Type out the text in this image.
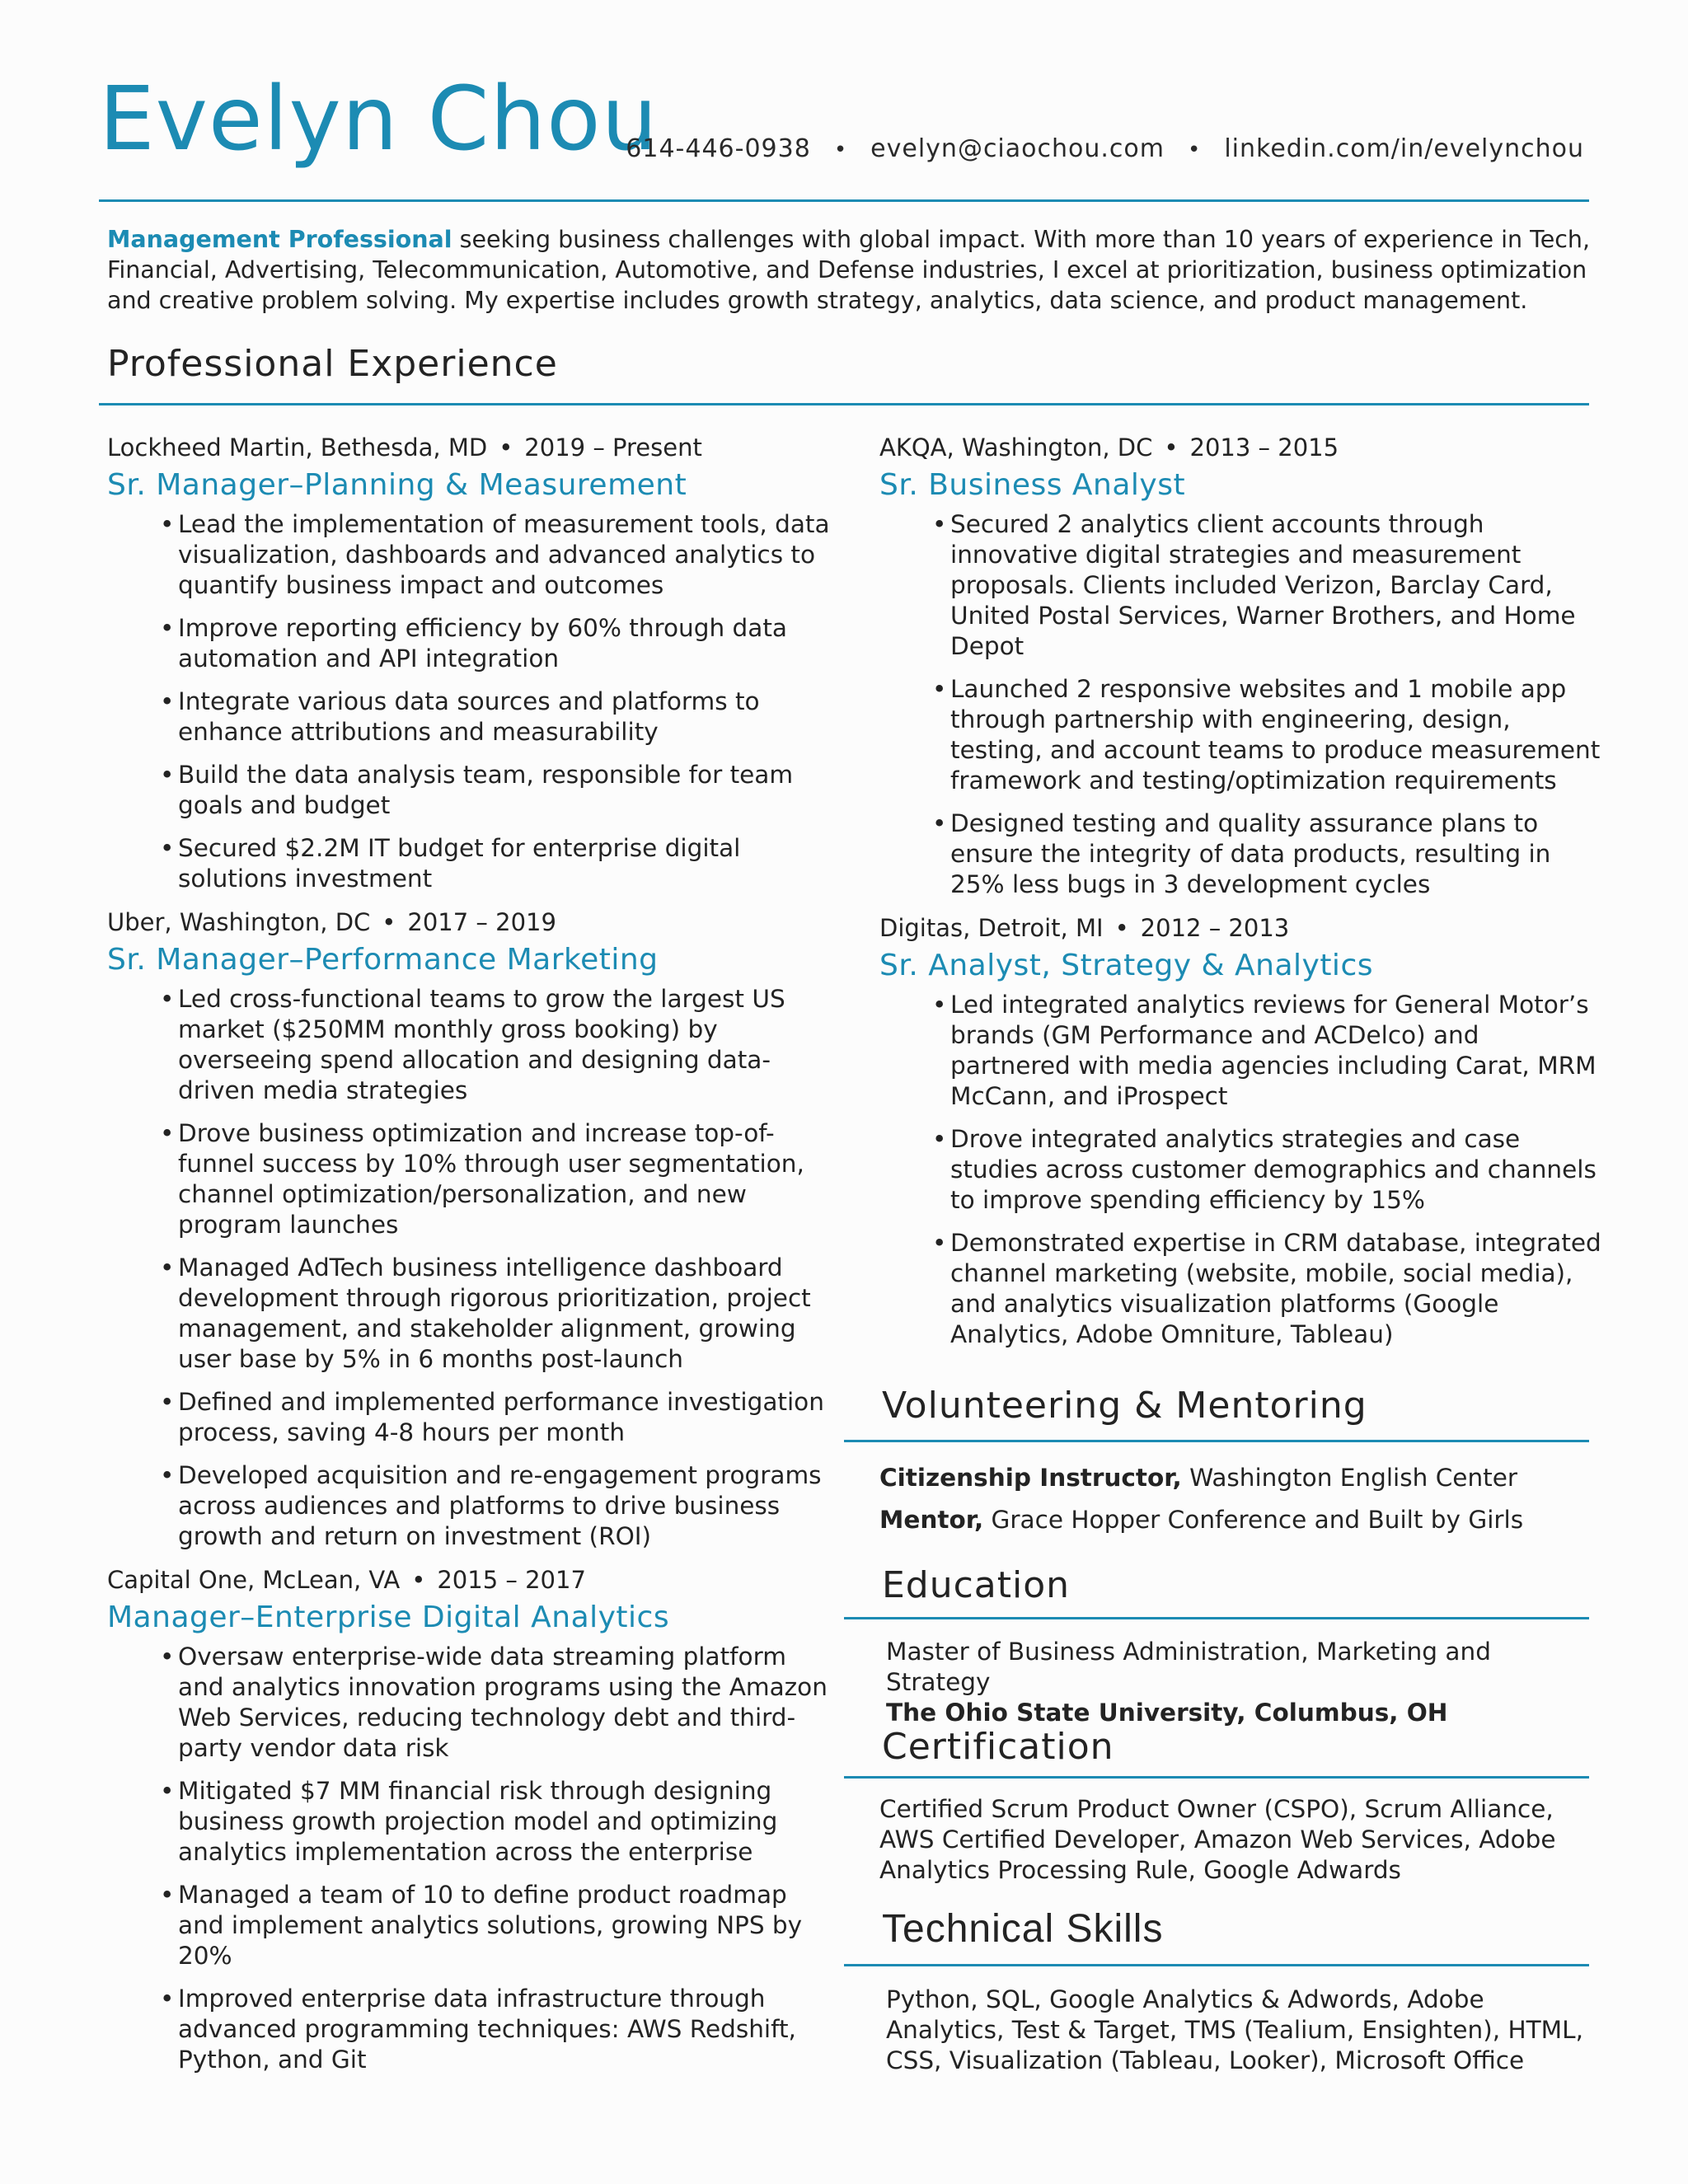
Evelyn Chou
614-446-0938 • evelyn@ciaochou.com • linkedin.com/in/evelynchou
Management Professional seeking business challenges with global impact. With more than 10 years of experience in Tech, Financial, Advertising, Telecommunication, Automotive, and Defense industries, I excel at prioritization, business optimization and creative problem solving. My expertise includes growth strategy, analytics, data science, and product management.
Professional Experience
Lockheed Martin, Bethesda, MD • 2019 – Present
Sr. Manager–Planning & Measurement
• Lead the implementation of measurement tools, data visualization, dashboards and advanced analytics to quantify business impact and outcomes
• Improve reporting efficiency by 60% through data automation and API integration
• Integrate various data sources and platforms to enhance attributions and measurability
• Build the data analysis team, responsible for team goals and budget
• Secured $2.2M IT budget for enterprise digital solutions investment
Uber, Washington, DC • 2017 – 2019
Sr. Manager–Performance Marketing
• Led cross-functional teams to grow the largest US market ($250MM monthly gross booking) by overseeing spend allocation and designing data-driven media strategies
• Drove business optimization and increase top-of-funnel success by 10% through user segmentation, channel optimization/personalization, and new program launches
• Managed AdTech business intelligence dashboard development through rigorous prioritization, project management, and stakeholder alignment, growing user base by 5% in 6 months post-launch
• Defined and implemented performance investigation process, saving 4-8 hours per month
• Developed acquisition and re-engagement programs across audiences and platforms to drive business growth and return on investment (ROI)
Capital One, McLean, VA • 2015 – 2017
Manager–Enterprise Digital Analytics
• Oversaw enterprise-wide data streaming platform and analytics innovation programs using the Amazon Web Services, reducing technology debt and third-party vendor data risk
• Mitigated $7 MM financial risk through designing business growth projection model and optimizing analytics implementation across the enterprise
• Managed a team of 10 to define product roadmap and implement analytics solutions, growing NPS by 20%
• Improved enterprise data infrastructure through advanced programming techniques: AWS Redshift, Python, and Git
AKQA, Washington, DC • 2013 – 2015
Sr. Business Analyst
• Secured 2 analytics client accounts through innovative digital strategies and measurement proposals. Clients included Verizon, Barclay Card, United Postal Services, Warner Brothers, and Home Depot
• Launched 2 responsive websites and 1 mobile app through partnership with engineering, design, testing, and account teams to produce measurement framework and testing/optimization requirements
• Designed testing and quality assurance plans to ensure the integrity of data products, resulting in 25% less bugs in 3 development cycles
Digitas, Detroit, MI • 2012 – 2013
Sr. Analyst, Strategy & Analytics
• Led integrated analytics reviews for General Motor’s brands (GM Performance and ACDelco) and partnered with media agencies including Carat, MRM McCann, and iProspect
• Drove integrated analytics strategies and case studies across customer demographics and channels to improve spending efficiency by 15%
• Demonstrated expertise in CRM database, integrated channel marketing (website, mobile, social media), and analytics visualization platforms (Google Analytics, Adobe Omniture, Tableau)
Volunteering & Mentoring
Citizenship Instructor, Washington English Center
Mentor, Grace Hopper Conference and Built by Girls
Education
Master of Business Administration, Marketing and Strategy
The Ohio State University, Columbus, OH
Certification
Certified Scrum Product Owner (CSPO), Scrum Alliance, AWS Certified Developer, Amazon Web Services, Adobe Analytics Processing Rule, Google Adwards
Technical Skills
Python, SQL, Google Analytics & Adwords, Adobe Analytics, Test & Target, TMS (Tealium, Ensighten), HTML, CSS, Visualization (Tableau, Looker), Microsoft Office
